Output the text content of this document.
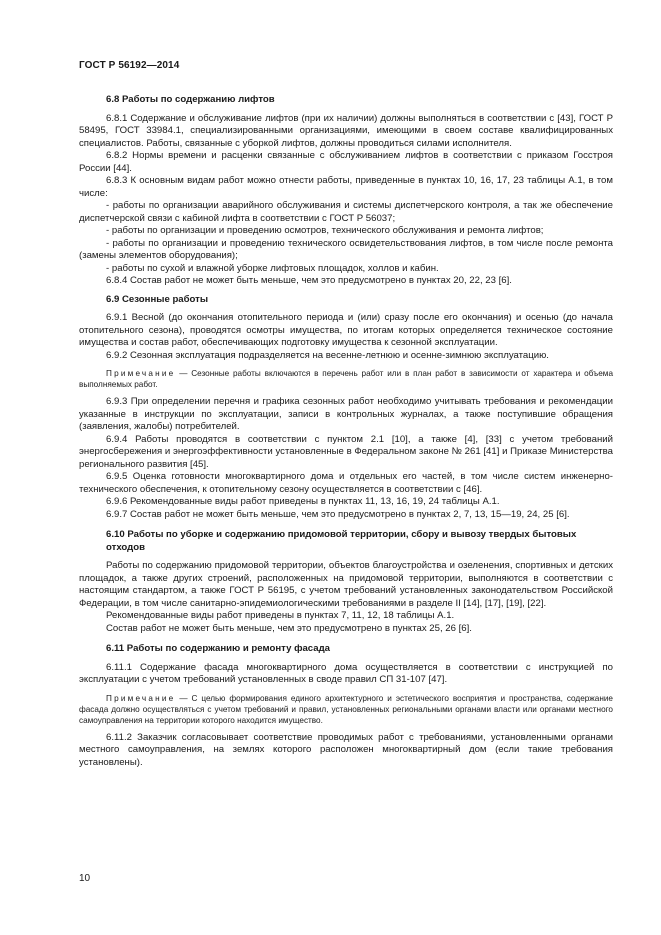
ГОСТ Р 56192—2014
6.8 Работы по содержанию лифтов

6.8.1 Содержание и обслуживание лифтов (при их наличии) должны выполняться в соответствии с [43], ГОСТ Р 58495, ГОСТ 33984.1, специализированными организациями, имеющими в своем составе квалифицированных специалистов. Работы, связанные с уборкой лифтов, должны проводиться силами исполнителя.

6.8.2 Нормы времени и расценки связанные с обслуживанием лифтов в соответствии с приказом Госстроя России [44].

6.8.3 К основным видам работ можно отнести работы, приведенные в пунктах 10, 16, 17, 23 таблицы А.1, в том числе:

- работы по организации аварийного обслуживания и системы диспетчерского контроля, а так же обеспечение диспетчерской связи с кабиной лифта в соответствии с ГОСТ Р 56037;

- работы по организации и проведению осмотров, технического обслуживания и ремонта лифтов;

- работы по организации и проведению технического освидетельствования лифтов, в том числе после ремонта (замены элементов оборудования);

- работы по сухой и влажной уборке лифтовых площадок, холлов и кабин.

6.8.4 Состав работ не может быть меньше, чем это предусмотрено в пунктах 20, 22, 23 [6].

6.9 Сезонные работы

6.9.1 Весной (до окончания отопительного периода и (или) сразу после его окончания) и осенью (до начала отопительного сезона), проводятся осмотры имущества, по итогам которых определяется техническое состояние имущества и состав работ, обеспечивающих подготовку имущества к сезонной эксплуатации.

6.9.2 Сезонная эксплуатация подразделяется на весенне-летнюю и осенне-зимнюю эксплуатацию.

Примечание — Сезонные работы включаются в перечень работ или в план работ в зависимости от характера и объема выполняемых работ.

6.9.3 При определении перечня и графика сезонных работ необходимо учитывать требования и рекомендации указанные в инструкции по эксплуатации, записи в контрольных журналах, а также поступившие обращения (заявления, жалобы) потребителей.

6.9.4 Работы проводятся в соответствии с пунктом 2.1 [10], а также [4], [33] с учетом требований энергосбережения и энергоэффективности установленные в Федеральном законе № 261 [41] и Приказе Министерства регионального развития [45].

6.9.5 Оценка готовности многоквартирного дома и отдельных его частей, в том числе систем инженерно-технического обеспечения, к отопительному сезону осуществляется в соответствии с [46].

6.9.6 Рекомендованные виды работ приведены в пунктах 11, 13, 16, 19, 24 таблицы А.1.

6.9.7 Состав работ не может быть меньше, чем это предусмотрено в пунктах 2, 7, 13, 15—19, 24, 25 [6].

6.10 Работы по уборке и содержанию придомовой территории, сбору и вывозу твердых бытовых отходов

Работы по содержанию придомовой территории, объектов благоустройства и озеленения, спортивных и детских площадок, а также других строений, расположенных на придомовой территории, выполняются в соответствии с настоящим стандартом, а также ГОСТ Р 56195, с учетом требований установленных законодательством Российской Федерации, в том числе санитарно-эпидемиологическими требованиями в разделе II [14], [17], [19], [22].

Рекомендованные виды работ приведены в пунктах 7, 11, 12, 18 таблицы А.1.

Состав работ не может быть меньше, чем это предусмотрено в пунктах 25, 26 [6].

6.11 Работы по содержанию и ремонту фасада

6.11.1 Содержание фасада многоквартирного дома осуществляется в соответствии с инструкцией по эксплуатации с учетом требований установленных в своде правил СП 31-107 [47].

Примечание — С целью формирования единого архитектурного и эстетического восприятия и пространства, содержание фасада должно осуществляться с учетом требований и правил, установленных региональными органами власти или органами местного самоуправления на территории которого находится имущество.

6.11.2 Заказчик согласовывает соответствие проводимых работ с требованиями, установленными органами местного самоуправления, на землях которого расположен многоквартирный дом (если такие требования установлены).

10
